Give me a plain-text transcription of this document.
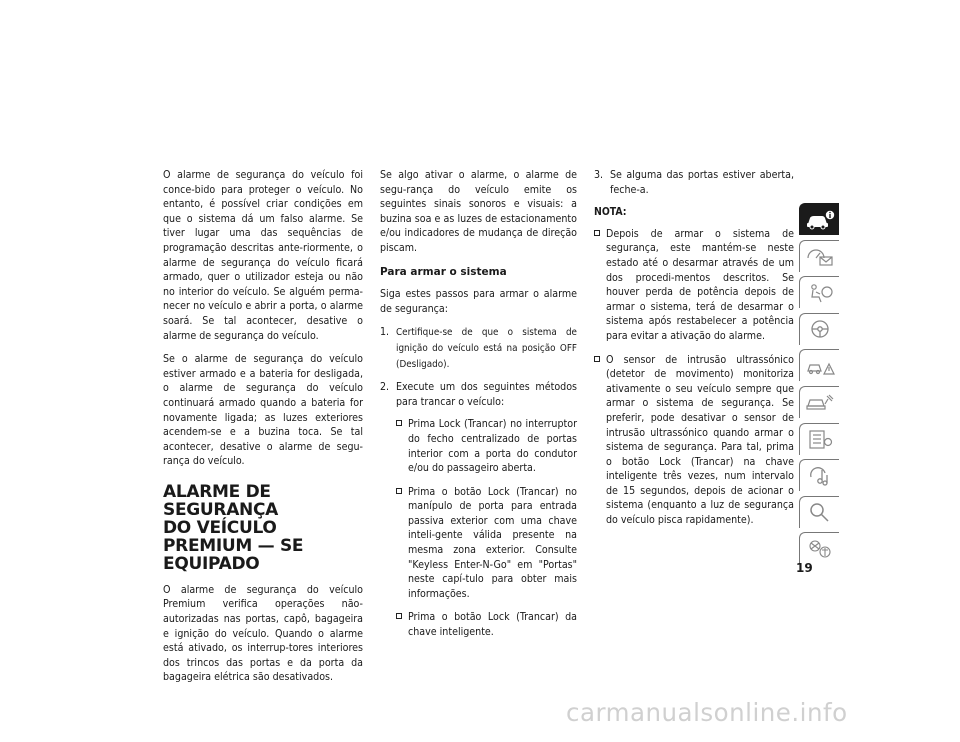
O alarme de segurança do veículo foi conce-bido para proteger o veículo. No entanto, é possível criar condições em que o sistema dá um falso alarme. Se tiver lugar uma das sequências de programação descritas ante-riormente, o alarme de segurança do veículo ficará armado, quer o utilizador esteja ou não no interior do veículo. Se alguém perma-necer no veículo e abrir a porta, o alarme soará. Se tal acontecer, desative o alarme de segurança do veículo.

Se o alarme de segurança do veículo estiver armado e a bateria for desligada, o alarme de segurança do veículo continuará armado quando a bateria for novamente ligada; as luzes exteriores acendem-se e a buzina toca. Se tal acontecer, desative o alarme de segu-rança do veículo.

ALARME DE SEGURANÇA
DO VEÍCULO PREMIUM — SE
EQUIPADO

O alarme de segurança do veículo Premium verifica operações não-autorizadas nas portas, capô, bagageira e ignição do veículo. Quando o alarme está ativado, os interrup-tores interiores dos trincos das portas e da porta da bagageira elétrica são desativados.

Se algo ativar o alarme, o alarme de segu-rança do veículo emite os seguintes sinais sonoros e visuais: a buzina soa e as luzes de estacionamento e/ou indicadores de mudança de direção piscam.

Para armar o sistema

Siga estes passos para armar o alarme de segurança:

1. Certifique-se de que o sistema de ignição do veículo está na posição OFF (Desligado).
2. Execute um dos seguintes métodos para trancar o veículo:
Prima Lock (Trancar) no interruptor do fecho centralizado de portas interior com a porta do condutor e/ou do passageiro aberta.
Prima o botão Lock (Trancar) no manípulo de porta para entrada passiva exterior com uma chave inteli-gente válida presente na mesma zona exterior. Consulte "Keyless Enter-N-Go" em "Portas" neste capí-tulo para obter mais informações.
Prima o botão Lock (Trancar) da chave inteligente.
3. Se alguma das portas estiver aberta, feche-a.
NOTA:
Depois de armar o sistema de segurança, este mantém-se neste estado até o desarmar através de um dos procedi-mentos descritos. Se houver perda de potência depois de armar o sistema, terá de desarmar o sistema após restabelecer a potência para evitar a ativação do alarme.
O sensor de intrusão ultrassónico (detetor de movimento) monitoriza ativamente o seu veículo sempre que armar o sistema de segurança. Se preferir, pode desativar o sensor de intrusão ultrassónico quando armar o sistema de segurança. Para tal, prima o botão Lock (Trancar) na chave inteligente três vezes, num intervalo de 15 segundos, depois de acionar o sistema (enquanto a luz de segurança do veículo pisca rapidamente).
19
carmanualsonline.info
